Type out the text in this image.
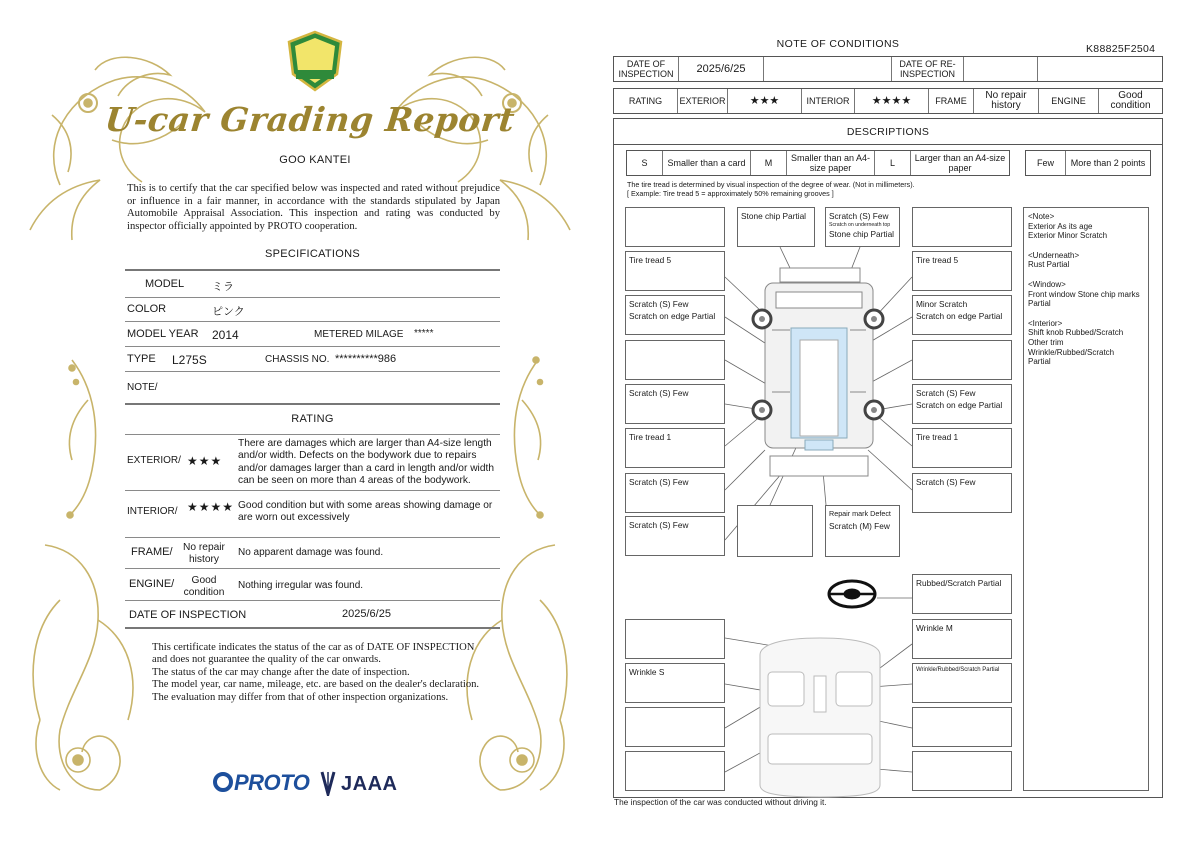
U-car Grading Report
GOO KANTEI
This is to certify that the car specified below was inspected and rated without prejudice or influence in a fair manner, in accordance with the standards stipulated by Japan Automobile Appraisal Association. This inspection and rating was conducted by inspector officially appointed by PROTO cooperation.
SPECIFICATIONS
MODEL	ミラ
COLOR	ピンク
MODEL YEAR 2014	METERED MILAGE *****
TYPE L275S	CHASSIS NO. **********986
NOTE/
RATING
EXTERIOR/ ★★★
There are damages which are larger than A4-size length and/or width. Defects on the bodywork due to repairs and/or damages larger than a card in length and/or width can be seen on more than 4 areas of the bodywork.
INTERIOR/ ★★★★ Good condition but with some areas showing damage or are worn out excessively
FRAME/	No repair history
No apparent damage was found.
ENGINE/	Good condition
Nothing irregular was found.
DATE OF INSPECTION	2025/6/25
This certificate indicates the status of the car as of DATE OF INSPECTION and does not guarantee the quality of the car onwards.
The status of the car may change after the date of inspection.
The model year, car name, mileage, etc. are based on the dealer's declaration.
The evaluation may differ from that of other inspection organizations.
PROTO JAAA
NOTE OF CONDITIONS	K88825F2504
DATE OF INSPECTION	2025/6/25	DATE OF RE-INSPECTION
RATING	EXTERIOR	★★★	INTERIOR	★★★★	FRAME	No repair history	ENGINE	Good condition
DESCRIPTIONS
S	Smaller than a card	M	Smaller than an A4-size paper	L	Larger than an A4-size paper	Few	More than 2 points
The tire tread is determined by visual inspection of the degree of wear. (Not in millimeters).
[ Example: Tire tread 5 = approximately 50% remaining grooves ]
Stone chip Partial	Scratch (S) Few
Scratch on underneath top
Stone chip Partial
Tire tread 5	Tire tread 5
Scratch (S) Few
Scratch on edge Partial
Minor Scratch
Scratch on edge Partial
Scratch (S) Few	Scratch (S) Few
Scratch on edge Partial
Tire tread 1	Tire tread 1
Scratch (S) Few	Scratch (S) Few
Scratch (S) Few
Repair mark Defect
Scratch (M) Few
Rubbed/Scratch Partial
Wrinkle M
Wrinkle S	Wrinkle/Rubbed/Scratch Partial
<Note>
Exterior As its age
Exterior Minor Scratch
<Underneath>
Rust Partial
<Window>
Front window Stone chip marks
Partial
<Interior>
Shift knob Rubbed/Scratch
Other trim
Wrinkle/Rubbed/Scratch
Partial
The inspection of the car was conducted without driving it.
